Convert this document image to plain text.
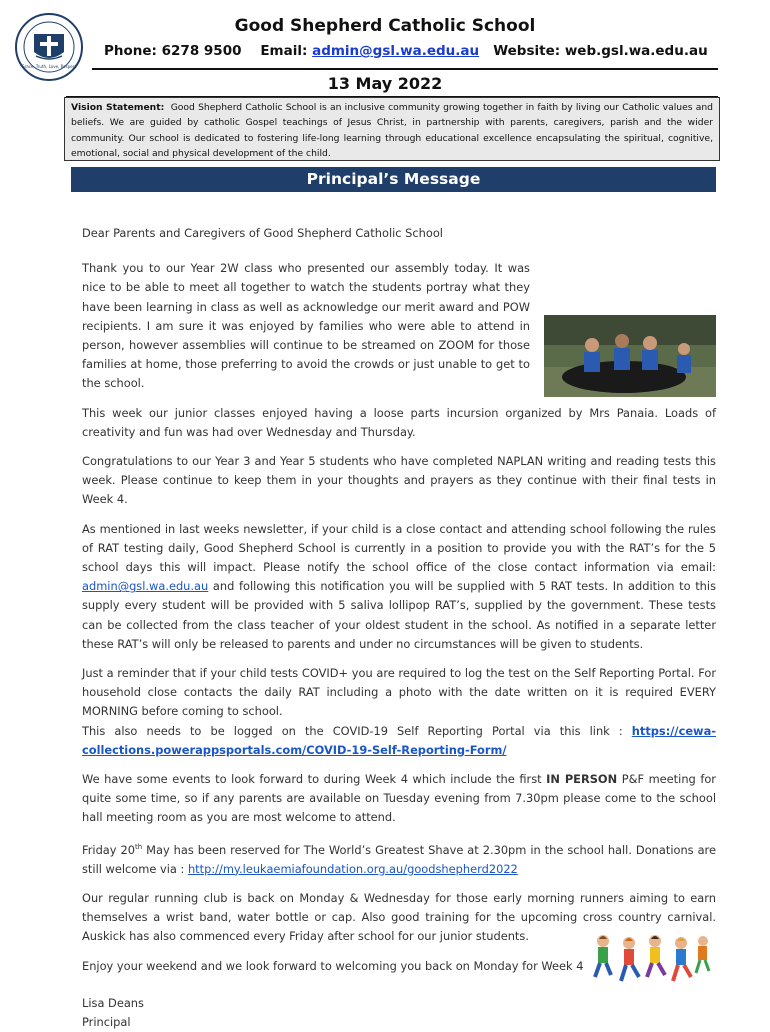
Grace, Truth, Love, Respect
Good Shepherd Catholic School
Phone: 6278 9500 Email: admin@gsl.wa.edu.au Website: web.gsl.wa.edu.au
13 May 2022
Vision Statement: Good Shepherd Catholic School is an inclusive community growing together in faith by living our Catholic values and beliefs. We are guided by catholic Gospel teachings of Jesus Christ, in partnership with parents, caregivers, parish and the wider community. Our school is dedicated to fostering life-long learning through educational excellence encapsulating the spiritual, cognitive, emotional, social and physical development of the child.
Principal’s Message

Dear Parents and Caregivers of Good Shepherd Catholic School

Thank you to our Year 2W class who presented our assembly today. It was nice to be able to meet all together to watch the students portray what they have been learning in class as well as acknowledge our merit award and POW recipients. I am sure it was enjoyed by families who were able to attend in person, however assemblies will continue to be streamed on ZOOM for those families at home, those preferring to avoid the crowds or just unable to get to the school.

This week our junior classes enjoyed having a loose parts incursion organized by Mrs Panaia. Loads of creativity and fun was had over Wednesday and Thursday.

Congratulations to our Year 3 and Year 5 students who have completed NAPLAN writing and reading tests this week. Please continue to keep them in your thoughts and prayers as they continue with their final tests in Week 4.

As mentioned in last weeks newsletter, if your child is a close contact and attending school following the rules of RAT testing daily, Good Shepherd School is currently in a position to provide you with the RAT’s for the 5 school days this will impact. Please notify the school office of the close contact information via email: admin@gsl.wa.edu.au and following this notification you will be supplied with 5 RAT tests. In addition to this supply every student will be provided with 5 saliva lollipop RAT’s, supplied by the government. These tests can be collected from the class teacher of your oldest student in the school. As notified in a separate letter these RAT’s will only be released to parents and under no circumstances will be given to students.

Just a reminder that if your child tests COVID+ you are required to log the test on the Self Reporting Portal. For household close contacts the daily RAT including a photo with the date written on it is required EVERY MORNING before coming to school.
This also needs to be logged on the COVID-19 Self Reporting Portal via this link : https://cewa-collections.powerappsportals.com/COVID-19-Self-Reporting-Form/

We have some events to look forward to during Week 4 which include the first IN PERSON P&F meeting for quite some time, so if any parents are available on Tuesday evening from 7.30pm please come to the school hall meeting room as you are most welcome to attend.

Friday 20th May has been reserved for The World’s Greatest Shave at 2.30pm in the school hall. Donations are still welcome via : http://my.leukaemiafoundation.org.au/goodshepherd2022

Our regular running club is back on Monday & Wednesday for those early morning runners aiming to earn themselves a wrist band, water bottle or cap. Also good training for the upcoming cross country carnival. Auskick has also commenced every Friday after school for our junior students.

Enjoy your weekend and we look forward to welcoming you back on Monday for Week 4

Lisa Deans
Principal
